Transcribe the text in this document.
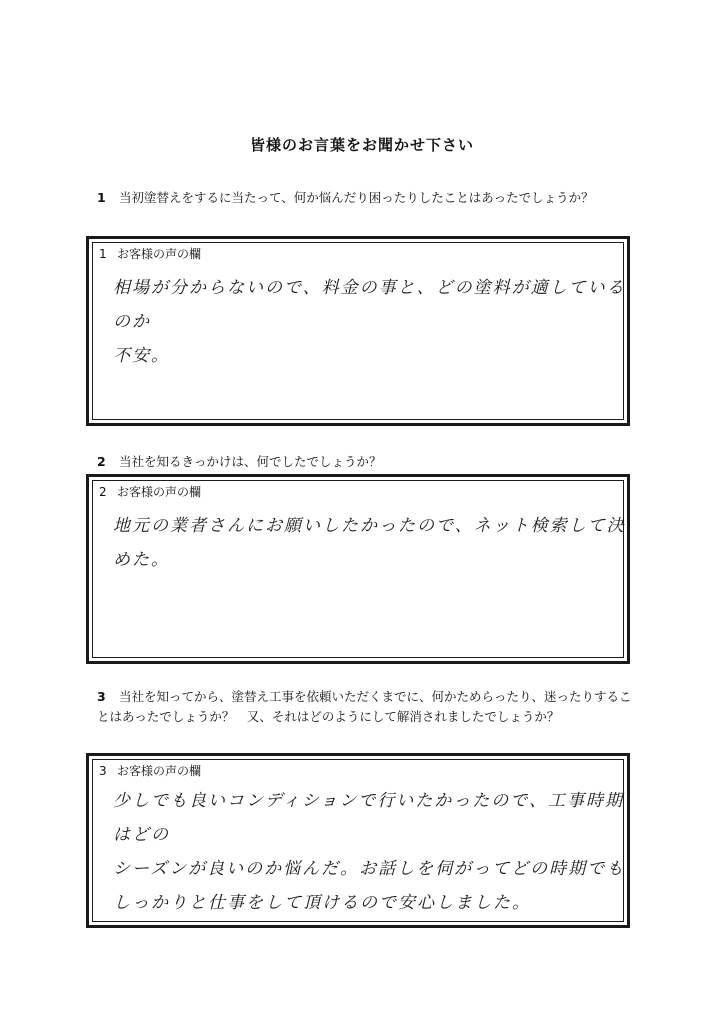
皆様のお言葉をお聞かせ下さい
1 当初塗替えをするに当たって、何か悩んだり困ったりしたことはあったでしょうか？
1 お客様の声の欄
相場が分からないので、料金の事と、どの塗料が適しているのか
不安。
2 当社を知るきっかけは、何でしたでしょうか？
2 お客様の声の欄
地元の業者さんにお願いしたかったので、ネット検索して決めた。
3 当社を知ってから、塗替え工事を依頼いただくまでに、何かためらったり、迷ったりすることはあったでしょうか？　又、それはどのようにして解消されましたでしょうか？
3 お客様の声の欄
少しでも良いコンディションで行いたかったので、工事時期はどの
シーズンが良いのか悩んだ。お話しを伺がってどの時期でも
しっかりと仕事をして頂けるので安心しました。
